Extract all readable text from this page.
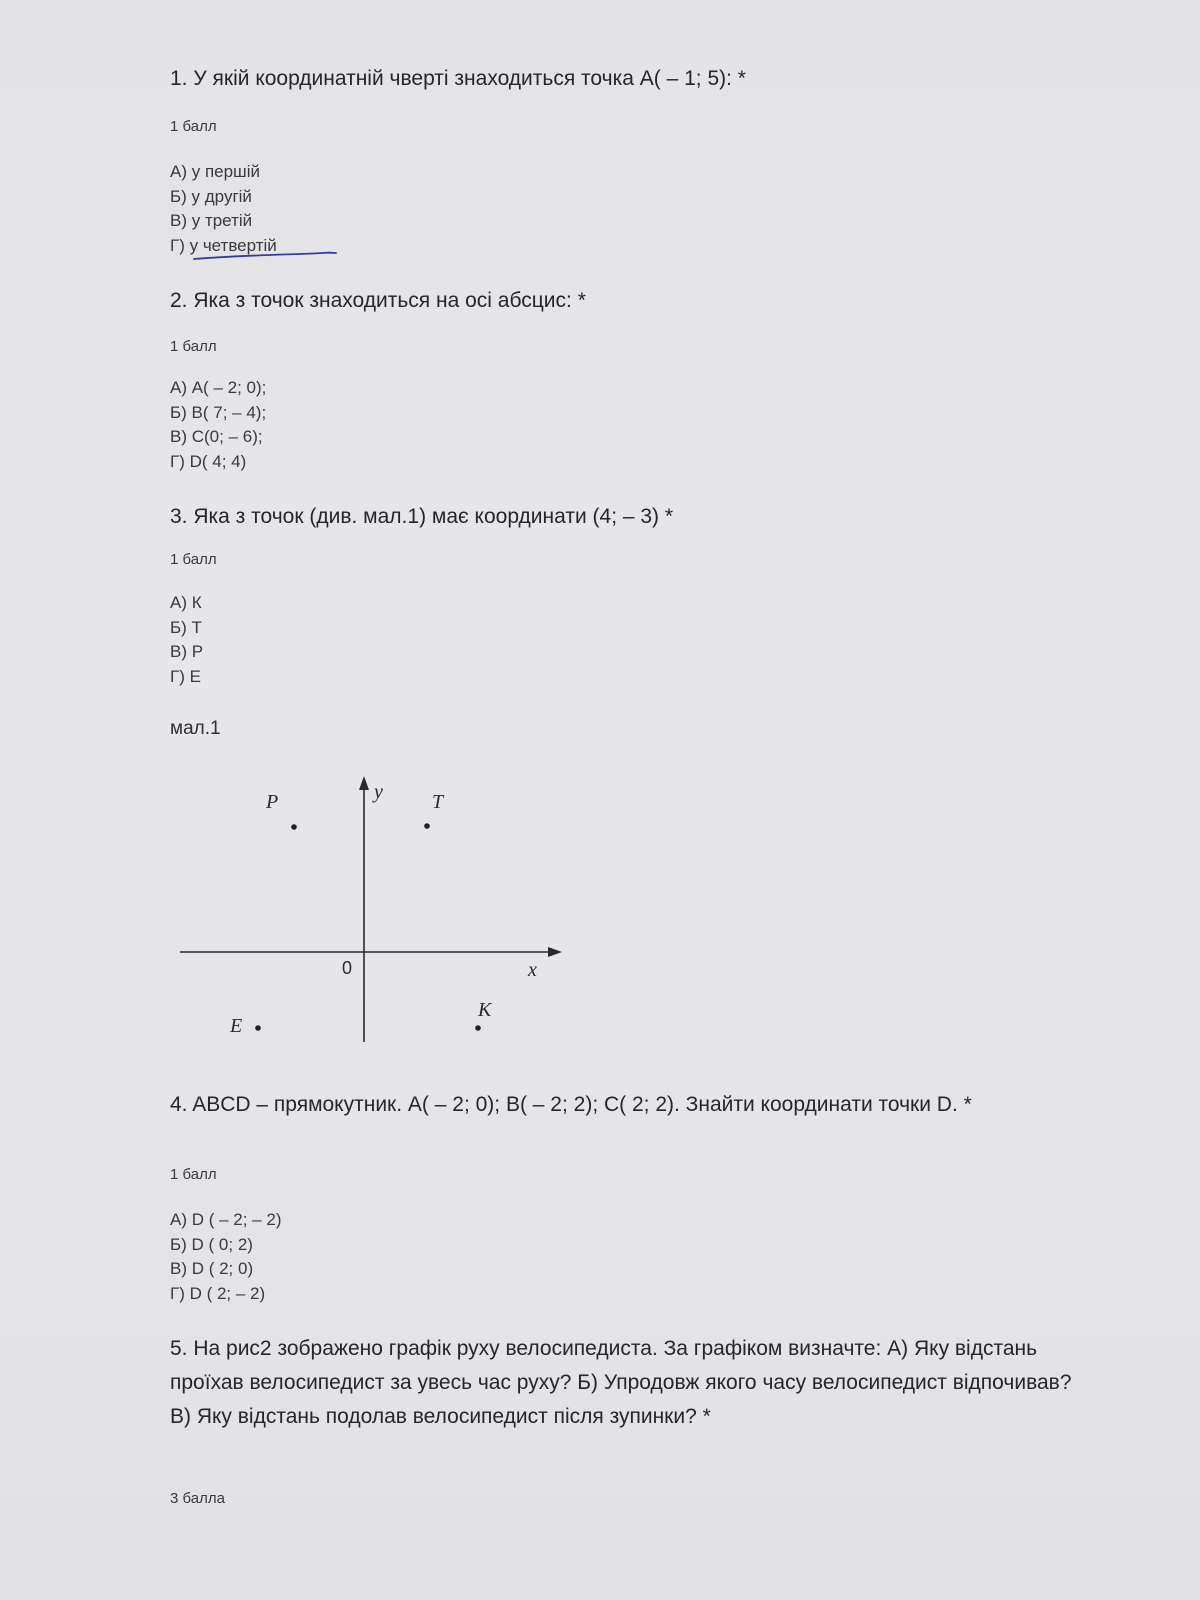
1. У якій координатній чверті знаходиться точка А( – 1; 5): *
1 балл
А) у першій
Б) у другій
В) у третій
Г) у четвертій
2. Яка з точок знаходиться на осі абсцис: *
1 балл
А) А( – 2; 0);
Б) В( 7; – 4);
В) С(0; – 6);
Г) D( 4; 4)
3. Яка з точок (див. мал.1) має координати (4; – 3) *
1 балл
А) К
Б) Т
В) Р
Г) Е
мал.1
y
x
0
P	T
E
K
4. ABCD – прямокутник. А( – 2; 0); В( – 2; 2); С( 2; 2). Знайти координати точки D. *
1 балл
А) D ( – 2; – 2)
Б) D ( 0; 2)
В) D ( 2; 0)
Г) D ( 2; – 2)
5. На рис2 зображено графік руху велосипедиста. За графіком визначте: А) Яку відстань проїхав велосипедист за увесь час руху? Б) Упродовж якого часу велосипедист відпочивав? В) Яку відстань подолав велосипедист після зупинки? *
3 балла
